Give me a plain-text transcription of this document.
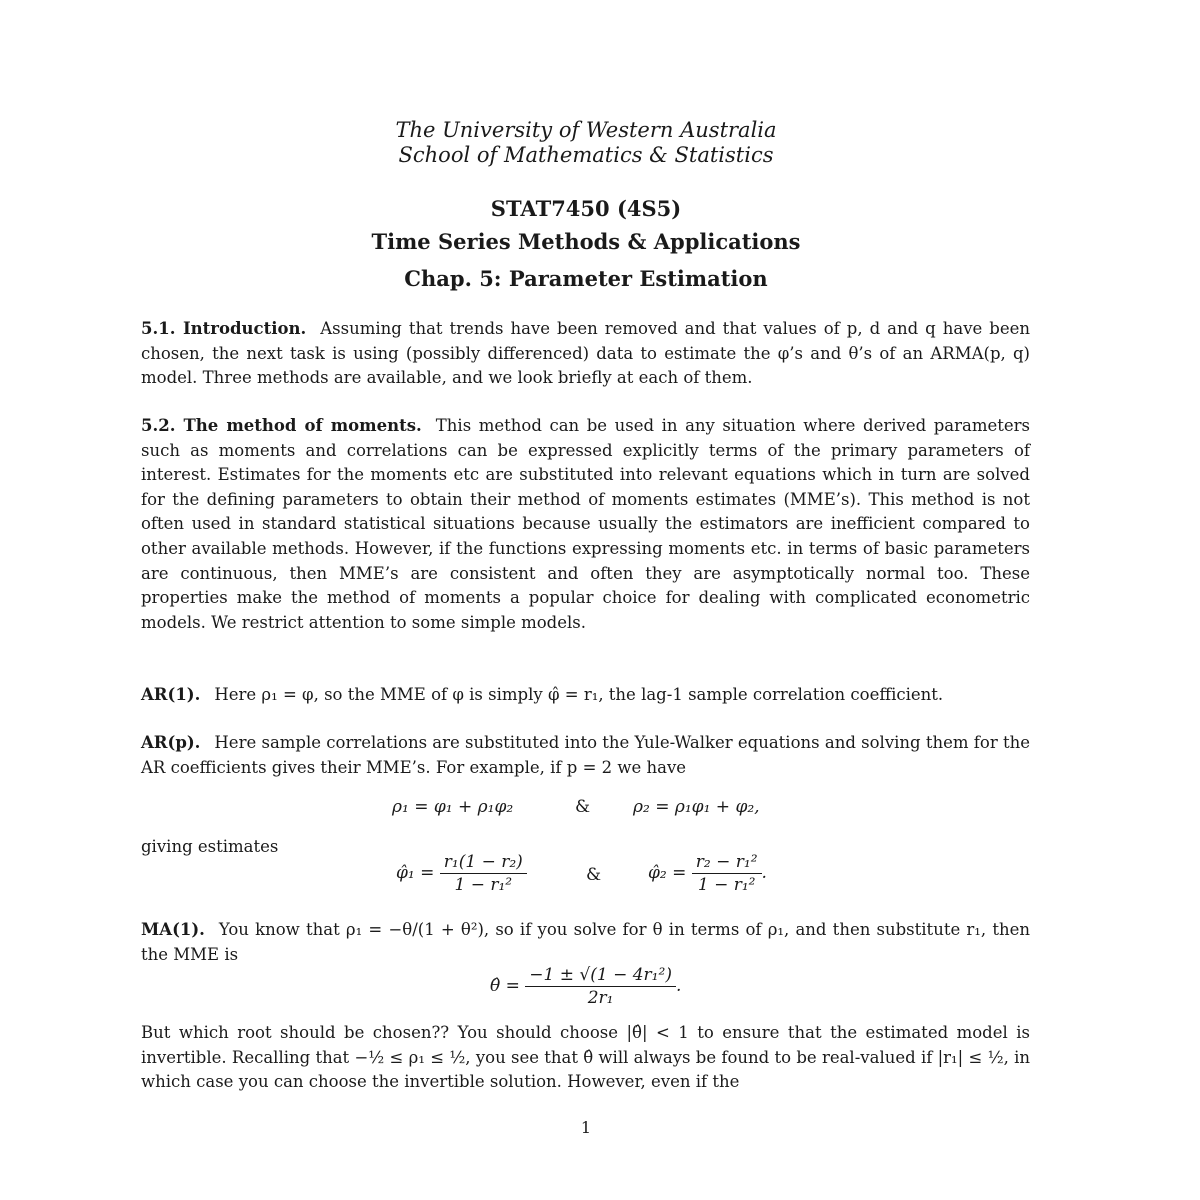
The University of Western Australia
School of Mathematics & Statistics
STAT7450 (4S5)
Time Series Methods & Applications
Chap. 5: Parameter Estimation
5.1. Introduction. Assuming that trends have been removed and that values of p, d and q have been chosen, the next task is using (possibly differenced) data to estimate the φ’s and θ’s of an ARMA(p, q) model. Three methods are available, and we look briefly at each of them.
5.2. The method of moments. This method can be used in any situation where derived parameters such as moments and correlations can be expressed explicitly terms of the primary parameters of interest. Estimates for the moments etc are substituted into relevant equations which in turn are solved for the defining parameters to obtain their method of moments estimates (MME’s). This method is not often used in standard statistical situations because usually the estimators are inefficient compared to other available methods. However, if the functions expressing moments etc. in terms of basic parameters are continuous, then MME’s are consistent and often they are asymptotically normal too. These properties make the method of moments a popular choice for dealing with complicated econometric models. We restrict attention to some simple models.
AR(1). Here ρ₁ = φ, so the MME of φ is simply φ̂ = r₁, the lag-1 sample correlation coefficient.
AR(p). Here sample correlations are substituted into the Yule-Walker equations and solving them for the AR coefficients gives their MME’s. For example, if p = 2 we have
ρ₁ = φ₁ + ρ₁φ₂	&	ρ₂ = ρ₁φ₁ + φ₂,
giving estimates
φ̂₁ = $\frac{\text{r₁(1 − r₂)}}{\text{1 − r₁²}}$	&	φ̂₂ = $\frac{\text{r₂ − r₁²}}{\text{1 − r₁²}}$ .
MA(1). You know that ρ₁ = −θ/(1 + θ²), so if you solve for θ in terms of ρ₁, and then substitute r₁, then the MME is
θ̂ = $\frac{\text{−1 ± √(1 − 4r₁²)}}{\text{2r₁}}$ .
But which root should be chosen?? You should choose |θ̂| < 1 to ensure that the estimated model is invertible. Recalling that −½ ≤ ρ₁ ≤ ½, you see that θ̂ will always be found to be real-valued if |r₁| ≤ ½, in which case you can choose the invertible solution. However, even if the
1
